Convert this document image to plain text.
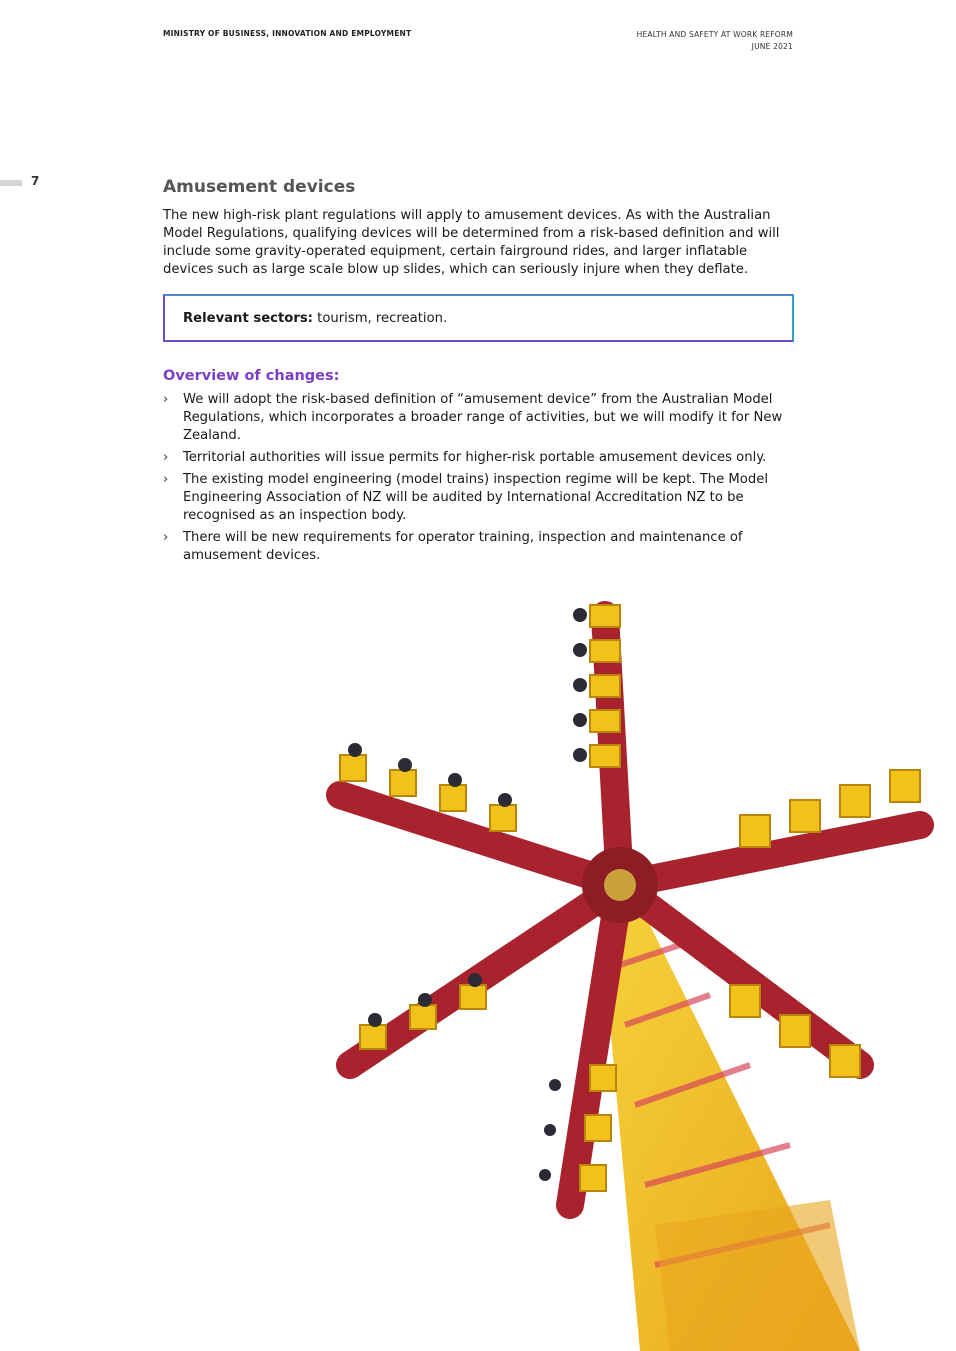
MINISTRY OF BUSINESS, INNOVATION AND EMPLOYMENT	HEALTH AND SAFETY AT WORK REFORM
JUNE 2021
7	Amusement devices
The new high-risk plant regulations will apply to amusement devices. As with the Australian Model Regulations, qualifying devices will be determined from a risk-based definition and will include some gravity-operated equipment, certain fairground rides, and larger inflatable devices such as large scale blow up slides, which can seriously injure when they deflate.
Relevant sectors: tourism, recreation.
Overview of changes:
› We will adopt the risk-based definition of “amusement device” from the Australian Model Regulations, which incorporates a broader range of activities, but we will modify it for New Zealand.
› Territorial authorities will issue permits for higher-risk portable amusement devices only.
› The existing model engineering (model trains) inspection regime will be kept. The Model Engineering Association of NZ will be audited by International Accreditation NZ to be recognised as an inspection body.
› There will be new requirements for operator training, inspection and maintenance of amusement devices.
